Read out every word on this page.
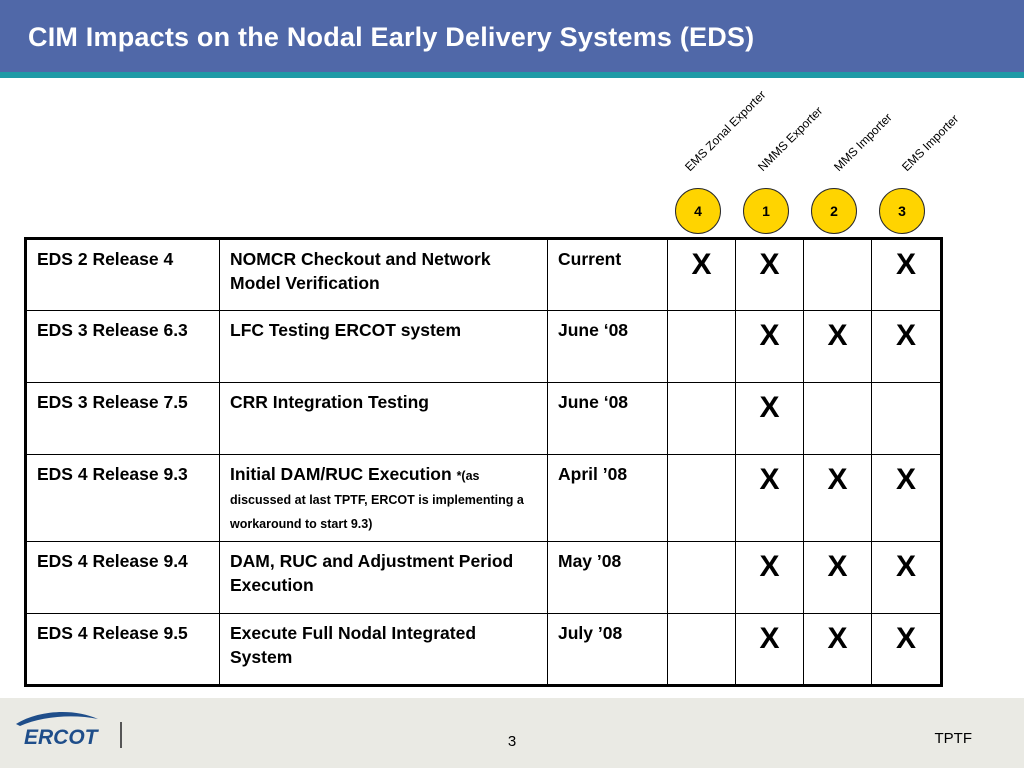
CIM Impacts on the Nodal Early Delivery Systems (EDS)
EMS Zonal Exporter
NMMS Exporter MMS Importer EMS Importer
4	1	2	3
EDS 2 Release 4	NOMCR Checkout and Network Model Verification	Current	X	X		X
EDS 3 Release 6.3	LFC Testing ERCOT system	June ‘08		X	X	X
EDS 3 Release 7.5	CRR Integration Testing	June ‘08		X		
EDS 4 Release 9.3	Initial DAM/RUC Execution *(as discussed at last TPTF, ERCOT is implementing a workaround to start 9.3)	April ’08		X	X	X
EDS 4 Release 9.4	DAM, RUC and Adjustment Period Execution	May ’08		X	X	X
EDS 4 Release 9.5	Execute Full Nodal Integrated System	July ’08		X	X	X
ERCOT	3	TPTF
